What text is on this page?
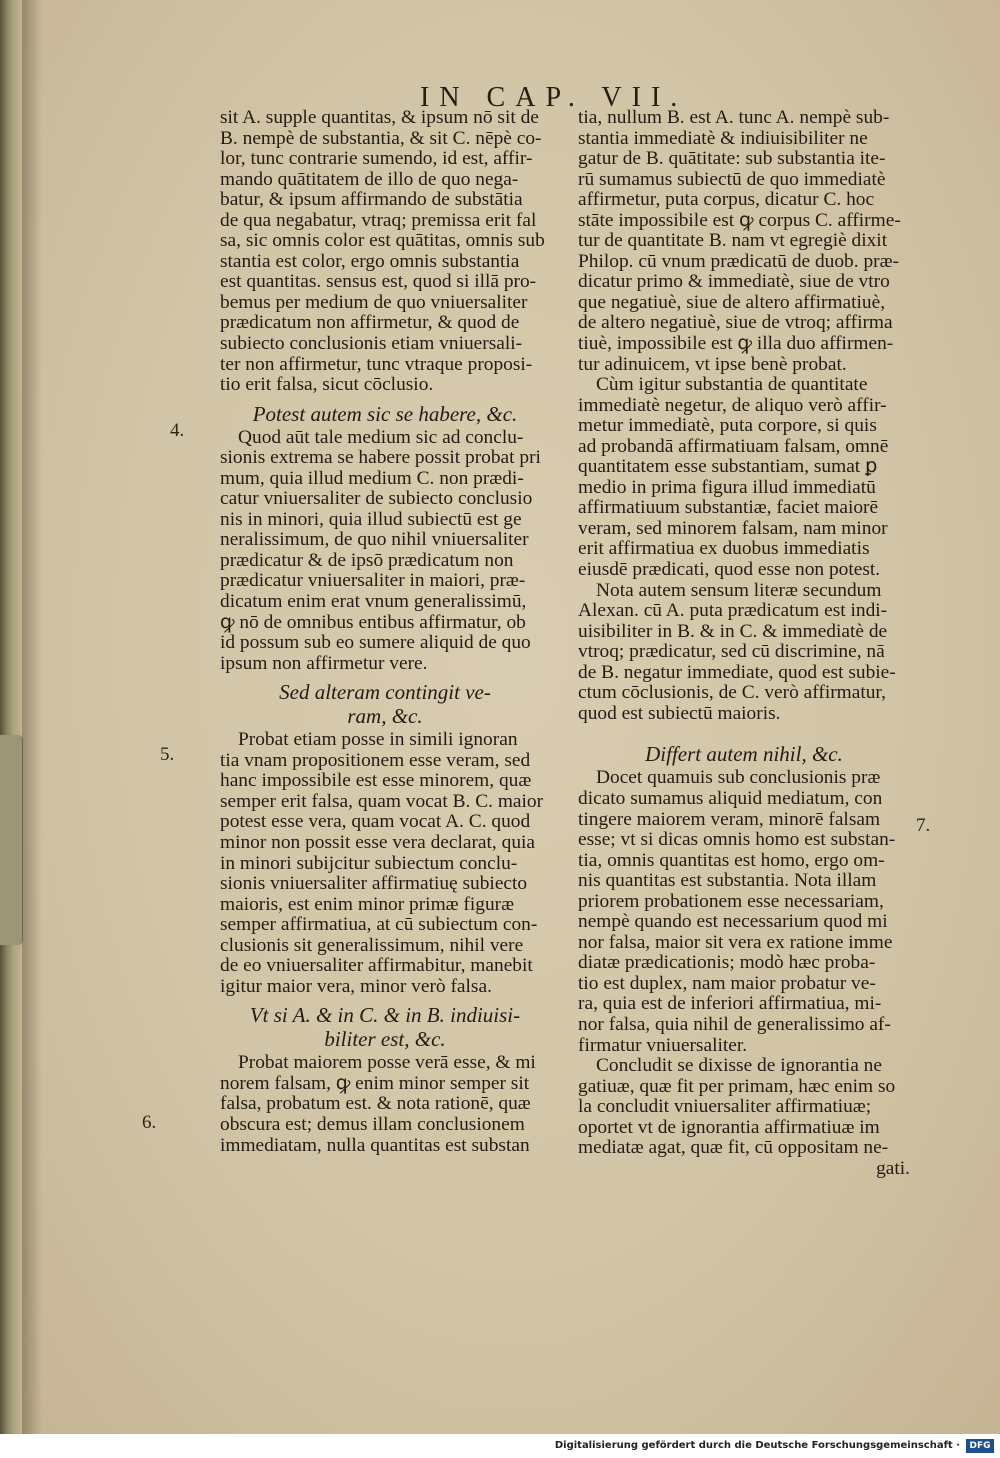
IN CAP. VII.
4.
5.
6.
7.
sit A. supple quantitas, & ipsum nō sit de
B. nempè de substantia, & sit C. nēpè co-
lor, tunc contrarie sumendo, id est, affir-
mando quātitatem de illo de quo nega-
batur, & ipsum affirmando de substātia
de qua negabatur, vtraq; premissa erit fal
sa, sic omnis color est quātitas, omnis sub
stantia est color, ergo omnis substantia
est quantitas. sensus est, quod si illā pro-
bemus per medium de quo vniuersaliter
prædicatum non affirmetur, & quod de
subiecto conclusionis etiam vniuersali-
ter non affirmetur, tunc vtraque proposi-
tio erit falsa, sicut cōclusio.
Potest autem sic se habere, &c.
Quod aūt tale medium sic ad conclu-
sionis extrema se habere possit probat pri
mum, quia illud medium C. non prædi-
catur vniuersaliter de subiecto conclusio
nis in minori, quia illud subiectū est ge
neralissimum, de quo nihil vniuersaliter
prædicatur & de ipsō prædicatum non
prædicatur vniuersaliter in maiori, præ-
dicatum enim erat vnum generalissimū,
ꝙ nō de omnibus entibus affirmatur, ob
id possum sub eo sumere aliquid de quo
ipsum non affirmetur vere.
Sed alteram contingit ve-
ram, &c.
Probat etiam posse in simili ignoran
tia vnam propositionem esse veram, sed
hanc impossibile est esse minorem, quæ
semper erit falsa, quam vocat B. C. maior
potest esse vera, quam vocat A. C. quod
minor non possit esse vera declarat, quia
in minori subijcitur subiectum conclu-
sionis vniuersaliter affirmatiuę subiecto
maioris, est enim minor primæ figuræ
semper affirmatiua, at cū subiectum con-
clusionis sit generalissimum, nihil vere
de eo vniuersaliter affirmabitur, manebit
igitur maior vera, minor verò falsa.
Vt si A. & in C. & in B. indiuisi-
biliter est, &c.
Probat maiorem posse verā esse, & mi
norem falsam, ꝙ enim minor semper sit
falsa, probatum est. & nota rationē, quæ
obscura est; demus illam conclusionem
immediatam, nulla quantitas est substan
tia, nullum B. est A. tunc A. nempè sub-
stantia immediatè & indiuisibiliter ne
gatur de B. quātitate: sub substantia ite-
rū sumamus subiectū de quo immediatè
affirmetur, puta corpus, dicatur C. hoc
stāte impossibile est ꝙ corpus C. affirme-
tur de quantitate B. nam vt egregiè dixit
Philop. cū vnum prædicatū de duob. præ-
dicatur primo & immediatè, siue de vtro
que negatiuè, siue de altero affirmatiuè,
de altero negatiuè, siue de vtroq; affirma
tiuè, impossibile est ꝙ illa duo affirmen-
tur adinuicem, vt ipse benè probat.
Cùm igitur substantia de quantitate
immediatè negetur, de aliquo verò affir-
metur immediatè, puta corpore, si quis
ad probandā affirmatiuam falsam, omnē
quantitatem esse substantiam, sumat ꝑ
medio in prima figura illud immediatū
affirmatiuum substantiæ, faciet maiorē
veram, sed minorem falsam, nam minor
erit affirmatiua ex duobus immediatis
eiusdē prædicati, quod esse non potest.
Nota autem sensum literæ secundum
Alexan. cū A. puta prædicatum est indi-
uisibiliter in B. & in C. & immediatè de
vtroq; prædicatur, sed cū discrimine, nā
de B. negatur immediate, quod est subie-
ctum cōclusionis, de C. verò affirmatur,
quod est subiectū maioris.
Differt autem nihil, &c.
Docet quamuis sub conclusionis præ
dicato sumamus aliquid mediatum, con
tingere maiorem veram, minorē falsam
esse; vt si dicas omnis homo est substan-
tia, omnis quantitas est homo, ergo om-
nis quantitas est substantia. Nota illam
priorem probationem esse necessariam,
nempè quando est necessarium quod mi
nor falsa, maior sit vera ex ratione imme
diatæ prædicationis; modò hæc proba-
tio est duplex, nam maior probatur ve-
ra, quia est de inferiori affirmatiua, mi-
nor falsa, quia nihil de generalissimo af-
firmatur vniuersaliter.
Concludit se dixisse de ignorantia ne
gatiuæ, quæ fit per primam, hæc enim so
la concludit vniuersaliter affirmatiuæ;
oportet vt de ignorantia affirmatiuæ im
mediatæ agat, quæ fit, cū oppositam ne-
gati.
Digitalisierung gefördert durch die Deutsche Forschungsgemeinschaft ·	DFG
